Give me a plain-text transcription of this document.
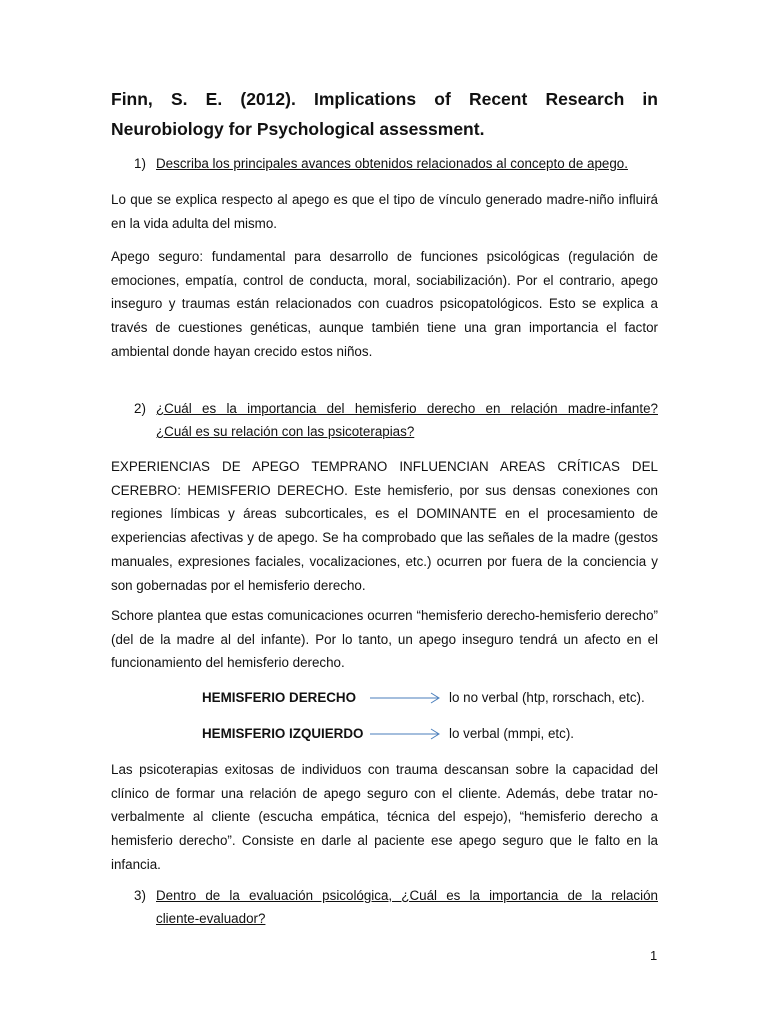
Finn, S. E. (2012). Implications of Recent Research in
Neurobiology for Psychological assessment.
1) Describa los principales avances obtenidos relacionados al concepto de apego.
Lo que se explica respecto al apego es que el tipo de vínculo generado madre-niño influirá en la vida adulta del mismo.
Apego seguro: fundamental para desarrollo de funciones psicológicas (regulación de emociones, empatía, control de conducta, moral, sociabilización). Por el contrario, apego inseguro y traumas están relacionados con cuadros psicopatológicos. Esto se explica a través de cuestiones genéticas, aunque también tiene una gran importancia el factor ambiental donde hayan crecido estos niños.
2) ¿Cuál es la importancia del hemisferio derecho en relación madre-infante?
¿Cuál es su relación con las psicoterapias?
EXPERIENCIAS DE APEGO TEMPRANO INFLUENCIAN AREAS CRÍTICAS DEL CEREBRO: HEMISFERIO DERECHO. Este hemisferio, por sus densas conexiones con regiones límbicas y áreas subcorticales, es el DOMINANTE en el procesamiento de experiencias afectivas y de apego. Se ha comprobado que las señales de la madre (gestos manuales, expresiones faciales, vocalizaciones, etc.) ocurren por fuera de la conciencia y son gobernadas por el hemisferio derecho.
Schore plantea que estas comunicaciones ocurren “hemisferio derecho-hemisferio derecho” (del de la madre al del infante). Por lo tanto, un apego inseguro tendrá un afecto en el funcionamiento del hemisferio derecho.
HEMISFERIO DERECHO	lo no verbal (htp, rorschach, etc).
HEMISFERIO IZQUIERDO	lo verbal (mmpi, etc).
Las psicoterapias exitosas de individuos con trauma descansan sobre la capacidad del clínico de formar una relación de apego seguro con el cliente. Además, debe tratar no-verbalmente al cliente (escucha empática, técnica del espejo), “hemisferio derecho a hemisferio derecho”. Consiste en darle al paciente ese apego seguro que le falto en la infancia.
3) Dentro de la evaluación psicológica, ¿Cuál es la importancia de la relación
cliente-evaluador?
1
